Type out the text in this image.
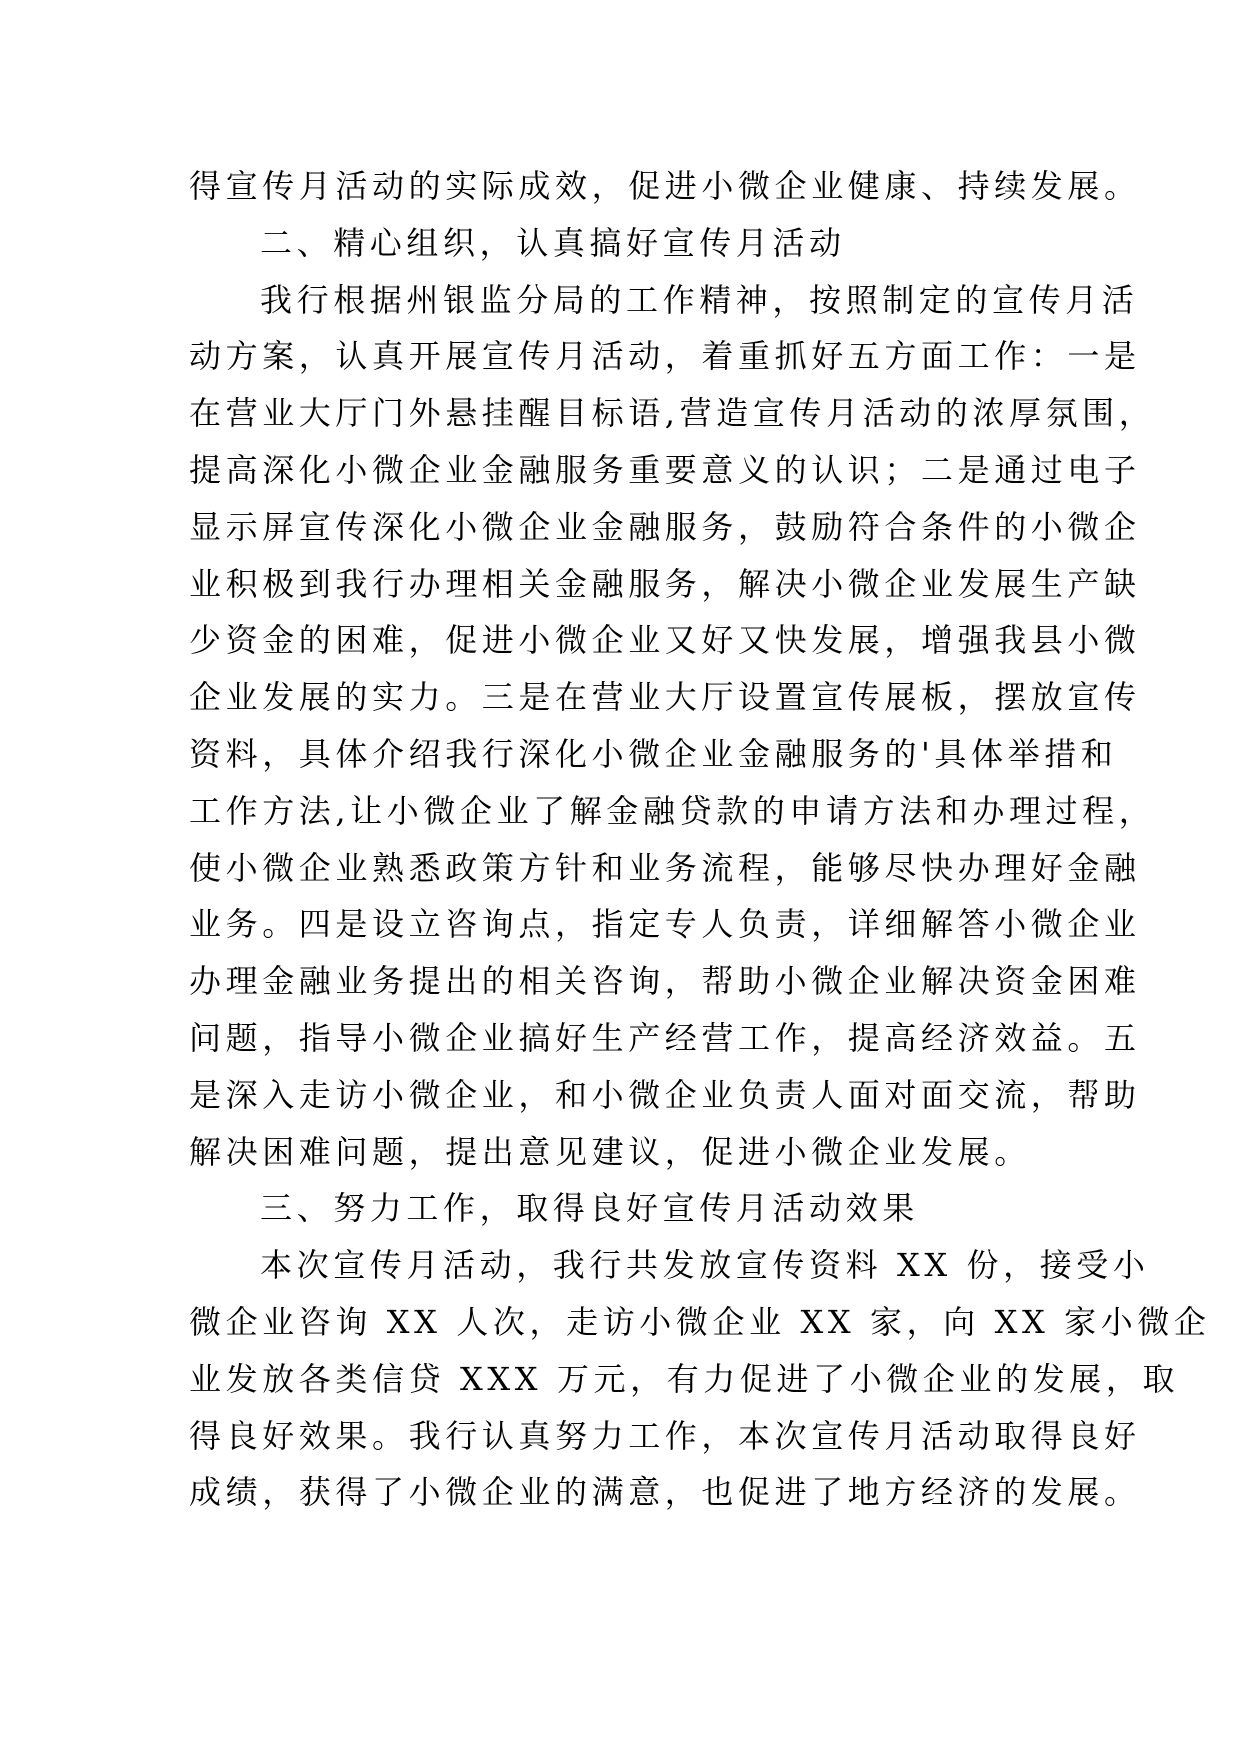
得宣传月活动的实际成效，促进小微企业健康、持续发展。
二、精心组织，认真搞好宣传月活动
我行根据州银监分局的工作精神，按照制定的宣传月活
动方案，认真开展宣传月活动，着重抓好五方面工作：一是
在营业大厅门外悬挂醒目标语,营造宣传月活动的浓厚氛围，
提高深化小微企业金融服务重要意义的认识；二是通过电子
显示屏宣传深化小微企业金融服务，鼓励符合条件的小微企
业积极到我行办理相关金融服务，解决小微企业发展生产缺
少资金的困难，促进小微企业又好又快发展，增强我县小微
企业发展的实力。三是在营业大厅设置宣传展板，摆放宣传
资料，具体介绍我行深化小微企业金融服务的'具体举措和
工作方法,让小微企业了解金融贷款的申请方法和办理过程，
使小微企业熟悉政策方针和业务流程，能够尽快办理好金融
业务。四是设立咨询点，指定专人负责，详细解答小微企业
办理金融业务提出的相关咨询，帮助小微企业解决资金困难
问题，指导小微企业搞好生产经营工作，提高经济效益。五
是深入走访小微企业，和小微企业负责人面对面交流，帮助
解决困难问题，提出意见建议，促进小微企业发展。
三、努力工作，取得良好宣传月活动效果
本次宣传月活动，我行共发放宣传资料 XX 份，接受小
微企业咨询 XX 人次，走访小微企业 XX 家，向 XX 家小微企
业发放各类信贷 XXX 万元，有力促进了小微企业的发展，取
得良好效果。我行认真努力工作，本次宣传月活动取得良好
成绩，获得了小微企业的满意，也促进了地方经济的发展。
